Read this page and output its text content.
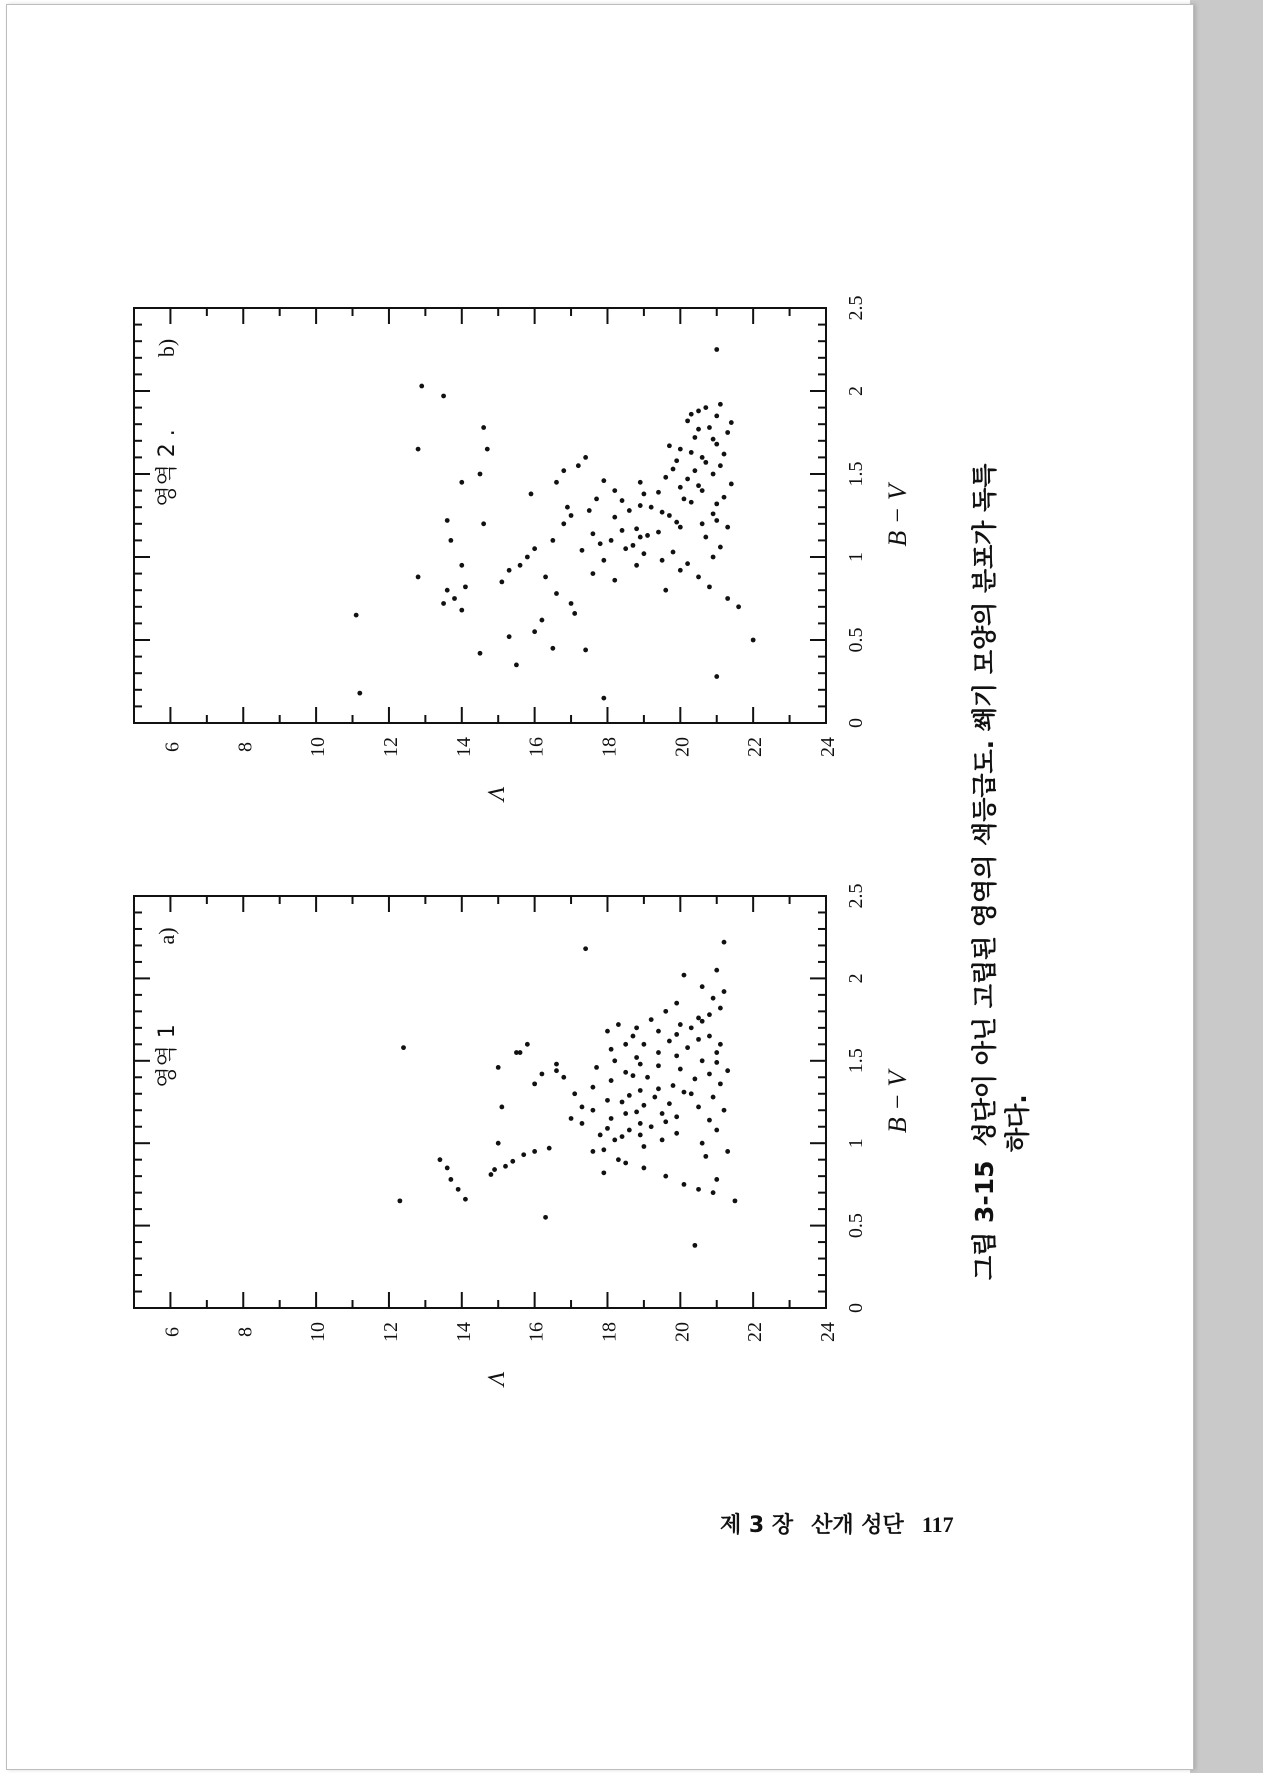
6	8	10	12	14	16	18	20	22	24
0
0.5
1
1.5
2
2.5
B − V
V
a)
영역 1
6	8	10	12	14	16	18	20	22	24
0
0.5
1
1.5
2
2.5
B − V
V
b)
영역 2 .
그림 3-15성단이 아닌 고립된 영역의 색등급도. 쐐기 모양의 분포가 독특 하다.
제 3 장 산개 성단 117
